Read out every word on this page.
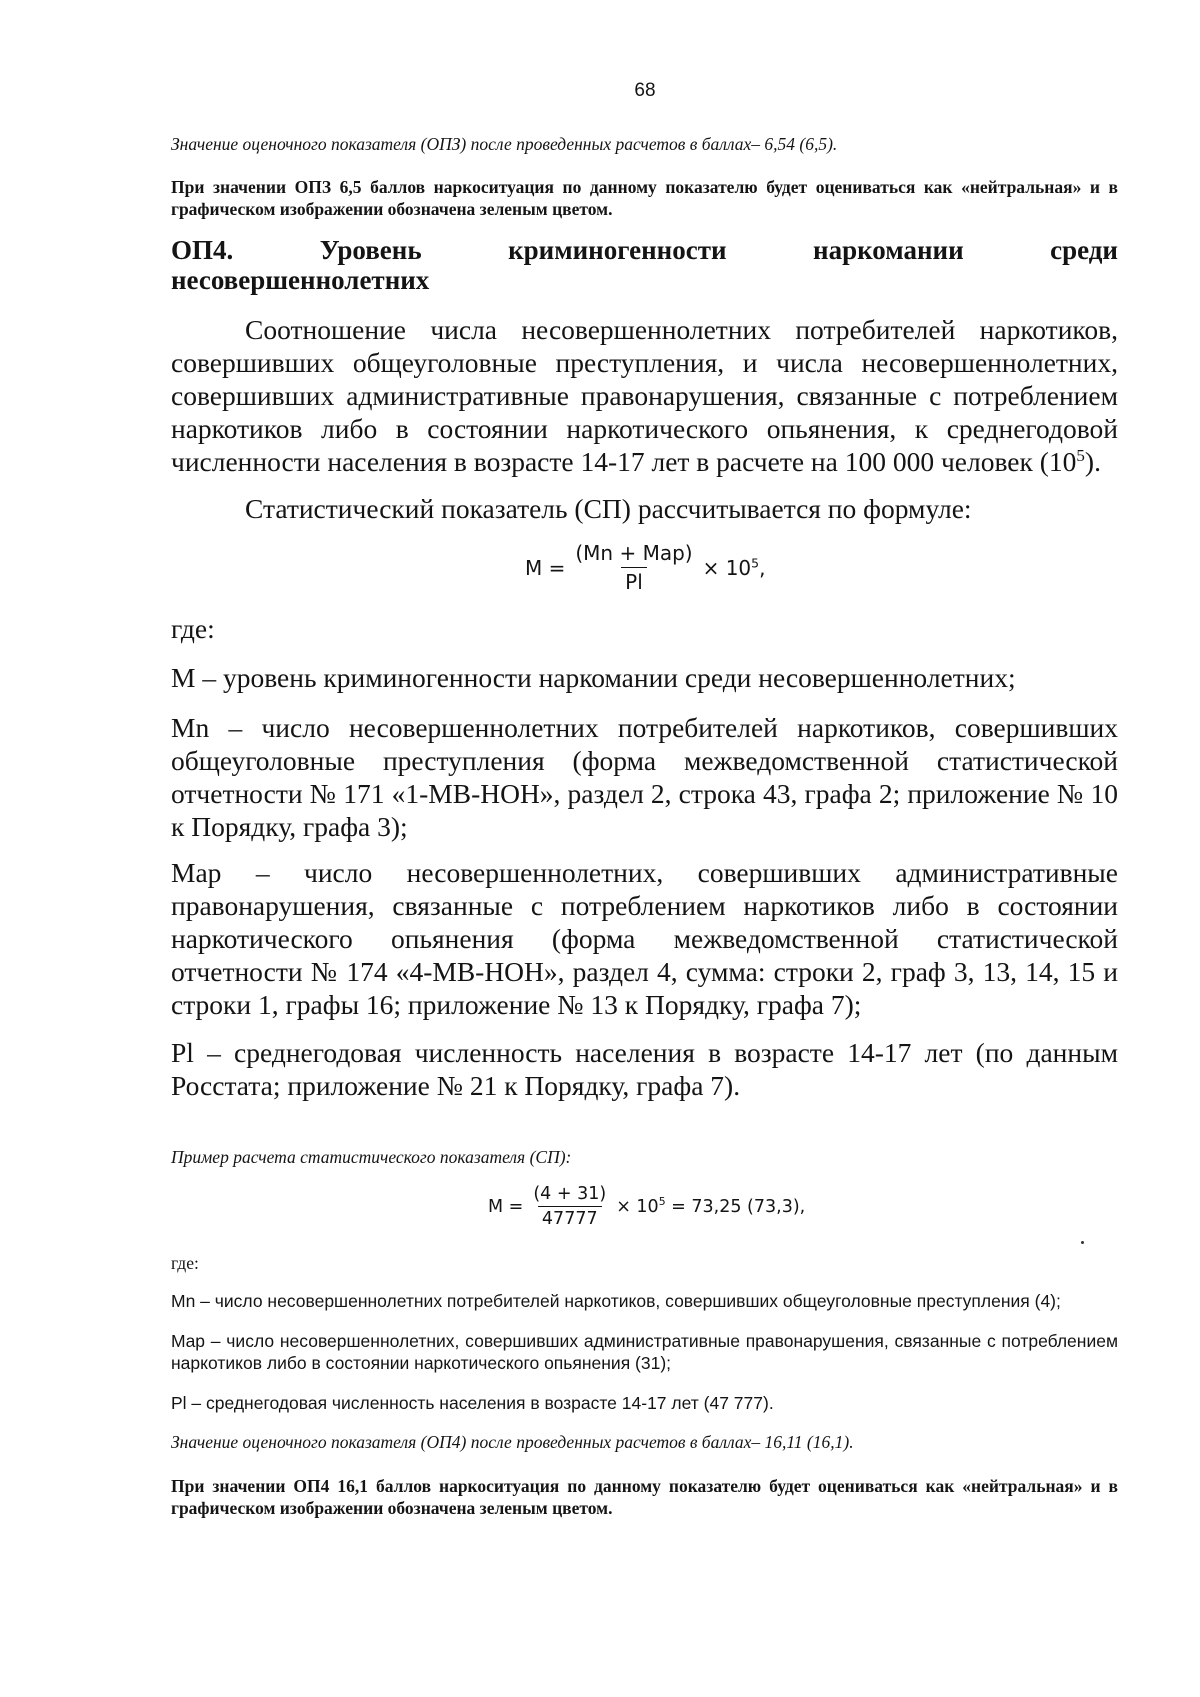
68
Значение оценочного показателя (ОПЗ) после проведенных расчетов в баллах– 6,54 (6,5).
При значении ОПЗ 6,5 баллов наркоситуация по данному показателю будет оцениваться как «нейтральная» и в графическом изображении обозначена зеленым цветом.
ОП4.	Уровень	криминогенности	наркомании	среди
несовершеннолетних
Соотношение числа несовершеннолетних потребителей наркотиков, совершивших общеуголовные преступления, и числа несовершеннолетних, совершивших административные правонарушения, связанные с потреблением наркотиков либо в состоянии наркотического опьянения, к среднегодовой численности населения в возрасте 14-17 лет в расчете на 100 000 человек $(10^5)$.
Статистический показатель (СП) рассчитывается по формуле:
$M = \frac{\text{(Mn + Map)}}{Pl} \times 10^5$,
где:
M – уровень криминогенности наркомании среди несовершеннолетних;
Mn – число несовершеннолетних потребителей наркотиков, совершивших общеуголовные преступления (форма межведомственной статистической отчетности № 171 «1-МВ-НОН», раздел 2, строка 43, графа 2; приложение № 10 к Порядку, графа 3);
Map – число несовершеннолетних, совершивших административные правонарушения, связанные с потреблением наркотиков либо в состоянии наркотического опьянения (форма межведомственной статистической отчетности № 174 «4-МВ-НОН», раздел 4, сумма: строки 2, граф 3, 13, 14, 15 и строки 1, графы 16; приложение № 13 к Порядку, графа 7);
Pl – среднегодовая численность населения в возрасте 14-17 лет (по данным Росстата; приложение № 21 к Порядку, графа 7).
Пример расчета статистического показателя (СП):
$M = \frac{(4 + 31)}{47777} \times 10^5 = 73,25$ (73,3),
где:
Mn – число несовершеннолетних потребителей наркотиков, совершивших общеуголовные преступления (4);
Map – число несовершеннолетних, совершивших административные правонарушения, связанные с потреблением наркотиков либо в состоянии наркотического опьянения (31);
Pl – среднегодовая численность населения в возрасте 14-17 лет (47 777).
Значение оценочного показателя (ОП4) после проведенных расчетов в баллах– 16,11 (16,1).
При значении ОП4 16,1 баллов наркоситуация по данному показателю будет оцениваться как «нейтральная» и в графическом изображении обозначена зеленым цветом.
